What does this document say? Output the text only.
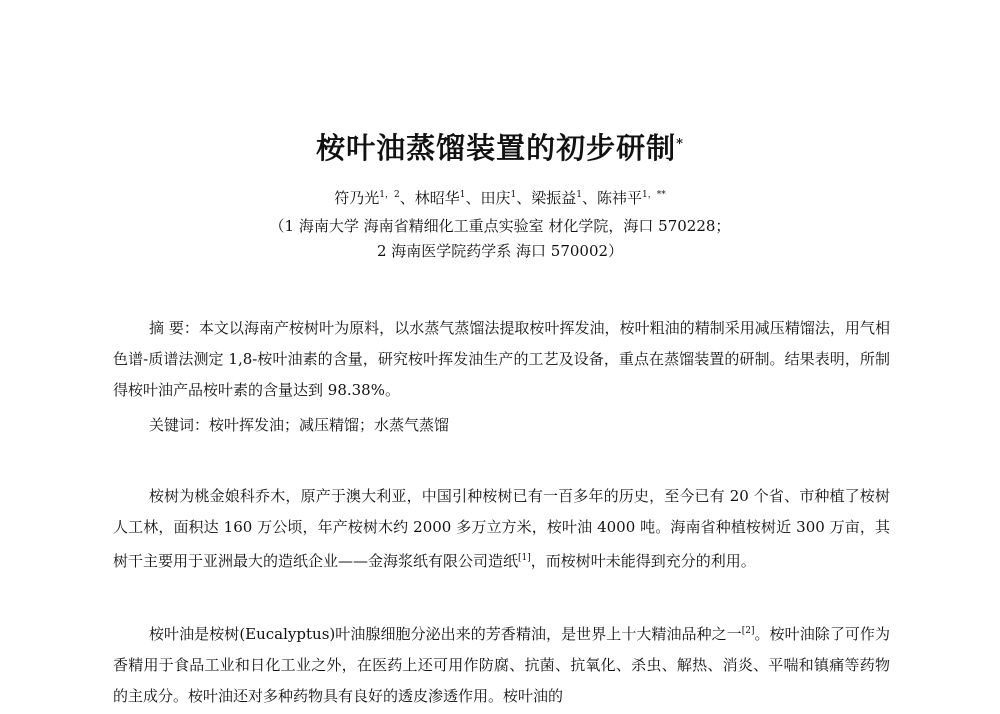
桉叶油蒸馏装置的初步研制*
符乃光$^{1,2}$、林昭华$^1$、田庆$^1$、梁振益$^1$、陈祎平$^{1,**}$
（1 海南大学 海南省精细化工重点实验室 材化学院，海口 570228；
2 海南医学院药学系 海口 570002）

摘 要：本文以海南产桉树叶为原料，以水蒸气蒸馏法提取桉叶挥发油，桉叶粗油的精制采用减压精馏法，用气相色谱-质谱法测定 1,8-桉叶油素的含量，研究桉叶挥发油生产的工艺及设备，重点在蒸馏装置的研制。结果表明，所制得桉叶油产品桉叶素的含量达到 98.38%。

关键词：桉叶挥发油；减压精馏；水蒸气蒸馏

桉树为桃金娘科乔木，原产于澳大利亚，中国引种桉树已有一百多年的历史，至今已有 20 个省、市种植了桉树人工林，面积达 160 万公顷，年产桉树木约 2000 多万立方米，桉叶油 4000 吨。海南省种植桉树近 300 万亩，其树干主要用于亚洲最大的造纸企业——金海浆纸有限公司造纸[1]，而桉树叶未能得到充分的利用。

桉叶油是桉树(Eucalyptus)叶油腺细胞分泌出来的芳香精油，是世界上十大精油品种之一[2]。桉叶油除了可作为香精用于食品工业和日化工业之外，在医药上还可用作防腐、抗菌、抗氧化、杀虫、解热、消炎、平喘和镇痛等药物的主成分。桉叶油还对多种药物具有良好的透皮渗透作用。桉叶油的
